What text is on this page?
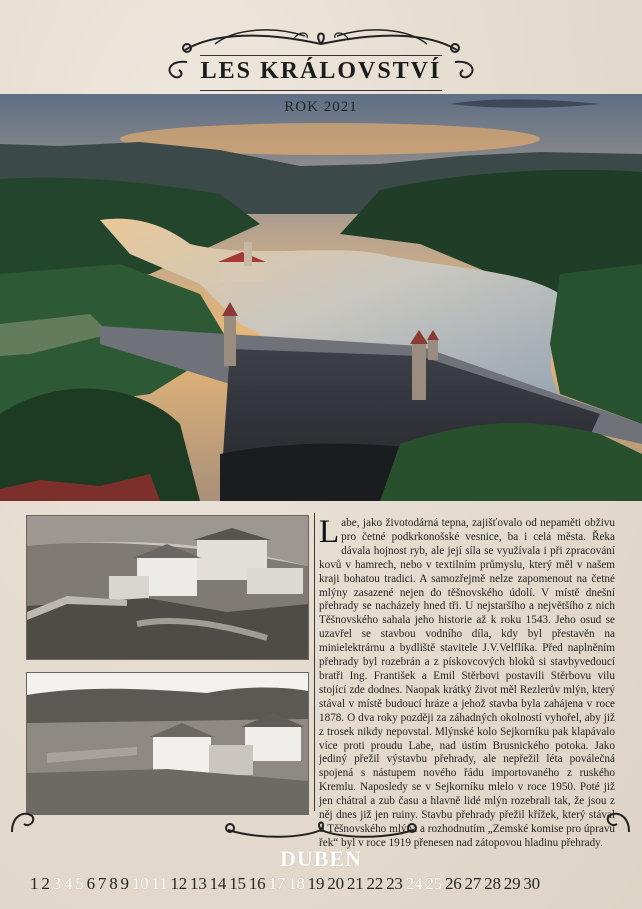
LES KRÁLOVSTVÍ
ROK 2021
Labe, jako životodárná tepna, zajišťovalo od nepaměti obživu pro četné podkrkonošské vesnice, ba i celá města. Řeka dávala hojnost ryb, ale její síla se využívala i při zpracování kovů v hamrech, nebo v textilním průmyslu, který měl v našem kraji bohatou tradici. A samozřejmě nelze zapomenout na četné mlýny zasazené nejen do těšnovského údolí. V místě dnešní přehrady se nacházely hned tři. U nejstaršího a největšího z nich Těšnovského sahala jeho historie až k roku 1543. Jeho osud se uzavřel se stavbou vodního díla, kdy byl přestavěn na minielektrárnu a bydliště stavitele J.V.Velflíka. Před naplněním přehrady byl rozebrán a z pískovcových bloků si stavbyvedoucí bratři Ing. František a Emil Stěrbovi postavili Stěrbovu vilu stojící zde dodnes. Naopak krátký život měl Rezlerův mlýn, který stával v místě budoucí hráze a jehož stavba byla zahájena v roce 1878. O dva roky později za záhadných okolností vyhořel, aby již z trosek nikdy nepovstal. Mlýnské kolo Sejkorníku pak klapávalo více proti proudu Labe, nad ústím Brusnického potoka. Jako jediný přežil výstavbu přehrady, ale nepřežil léta poválečná spojená s nástupem nového řádu importovaného z ruského Kremlu. Naposledy se v Sejkorníku mlelo v roce 1950. Poté již jen chátral a zub času a hlavně lidé mlýn rozebrali tak, že jsou z něj dnes již jen ruiny. Stavbu přehrady přežil křížek, který stával u Těšnovského mlýna a rozhodnutím „Zemské komise pro úpravu řek“ byl v roce 1919 přenesen nad zátopovou hladinu přehrady.
DUBEN
1 2 3 4 5 6 7 8 9 10 11 12 13 14 15 16 17 18 19 20 21 22 23 24 25 26 27 28 29 30
